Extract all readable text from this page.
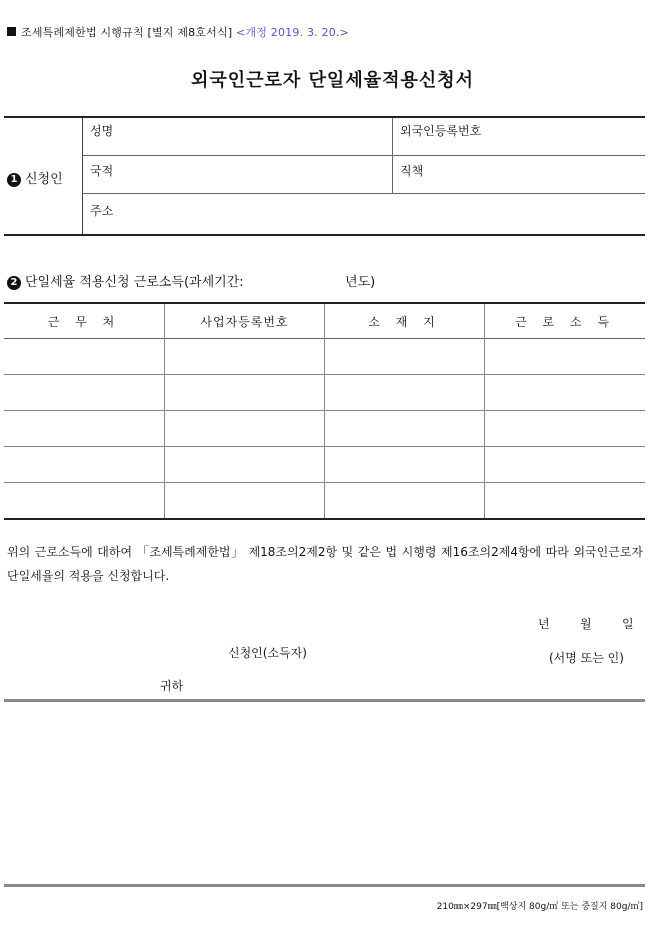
조세특례제한법 시행규칙 [별지 제8호서식] <개정 2019. 3. 20.>
외국인근로자 단일세율적용신청서
1 신청인
성명	외국인등록번호
국적	직책
주소
2 단일세율 적용신청 근로소득(과세기간:	년도)
근 무 처	사업자등록번호	소 재 지	근 로 소 득
위의 근로소득에 대하여 「조세특례제한법」 제18조의2제2항 및 같은 법 시행령 제16조의2제4항에 따라 외국인근로자 단일세율의 적용을 신청합니다.
년	월	일
신청인(소득자)	(서명 또는 인)
귀하
210㎜×297㎜[백상지 80g/㎡ 또는 중질지 80g/㎡]
